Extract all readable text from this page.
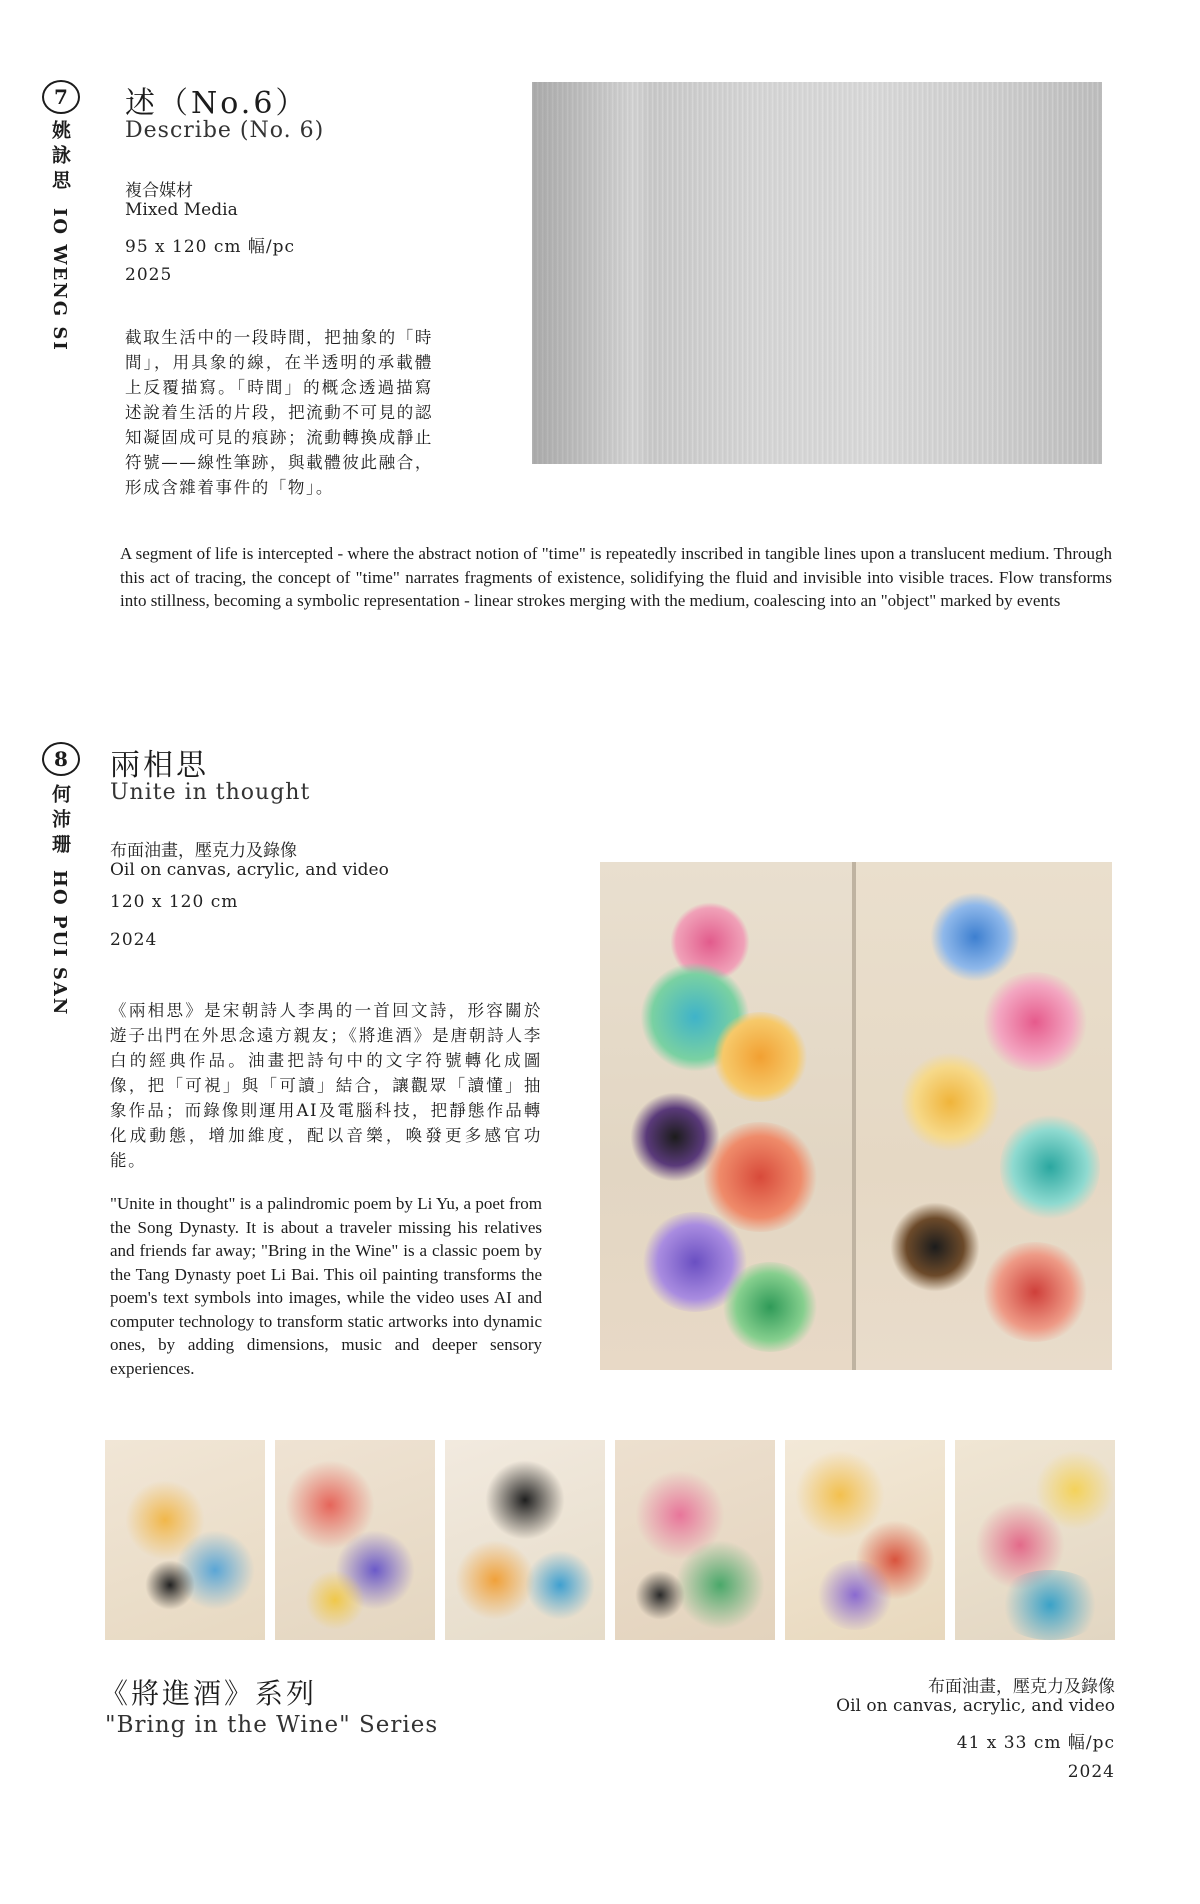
7
姚詠思
IO WENG SI
述（No.6）
Describe (No. 6)
複合媒材
Mixed Media
95 x 120 cm 幅/pc
2025
截取生活中的一段時間，把抽象的「時間」，用具象的線，在半透明的承載體上反覆描寫。「時間」的概念透過描寫述說着生活的片段，把流動不可見的認知凝固成可見的痕跡；流動轉換成靜止符號——線性筆跡，與載體彼此融合，形成含雜着事件的「物」。
A segment of life is intercepted - where the abstract notion of "time" is repeatedly inscribed in tangible lines upon a translucent medium. Through this act of tracing, the concept of "time" narrates fragments of existence, solidifying the fluid and invisible into visible traces. Flow transforms into stillness, becoming a symbolic representation - linear strokes merging with the medium, coalescing into an "object" marked by events
8
何沛珊
HO PUI SAN
兩相思
Unite in thought
布面油畫，壓克力及錄像
Oil on canvas, acrylic, and video
120 x 120 cm
2024
《兩相思》是宋朝詩人李禺的一首回文詩，形容關於遊子出門在外思念遠方親友；《將進酒》是唐朝詩人李白的經典作品。油畫把詩句中的文字符號轉化成圖像，把「可視」與「可讀」結合，讓觀眾「讀懂」抽象作品；而錄像則運用AI及電腦科技，把靜態作品轉化成動態，增加維度，配以音樂，喚發更多感官功能。
"Unite in thought" is a palindromic poem by Li Yu, a poet from the Song Dynasty. It is about a traveler missing his relatives and friends far away; "Bring in the Wine" is a classic poem by the Tang Dynasty poet Li Bai. This oil painting transforms the poem's text symbols into images, while the video uses AI and computer technology to transform static artworks into dynamic ones, by adding dimensions, music and deeper sensory experiences.
《將進酒》系列
"Bring in the Wine" Series
布面油畫，壓克力及錄像
Oil on canvas, acrylic, and video
41 x 33 cm 幅/pc
2024
